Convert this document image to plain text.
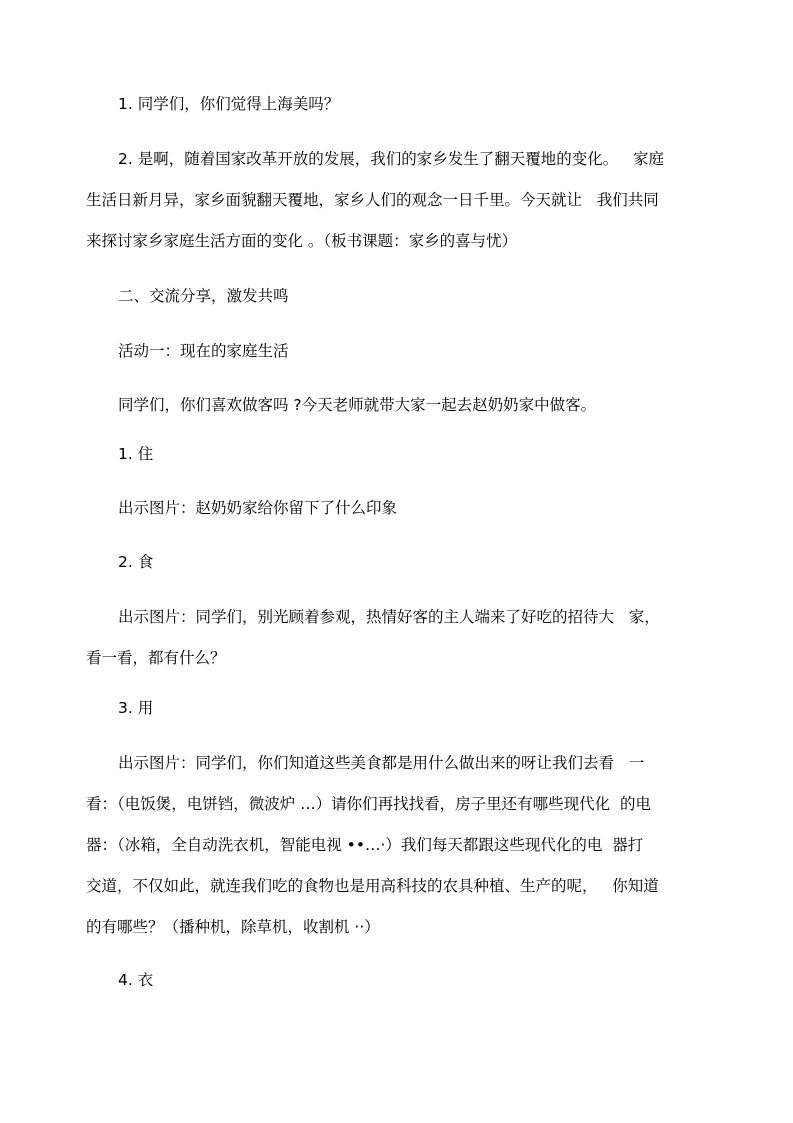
1. 同学们，你们觉得上海美吗？
2. 是啊，随着国家改革开放的发展，我们的家乡发生了翻天覆地的变化。   家庭
生活日新月异，家乡面貌翻天覆地，家乡人们的观念一日千里。今天就让   我们共同
来探讨家乡家庭生活方面的变化 。（板书课题：家乡的喜与忧）
二、交流分享，激发共鸣
活动一：现在的家庭生活
同学们，你们喜欢做客吗 ?今天老师就带大家一起去赵奶奶家中做客。
1. 住
出示图片：赵奶奶家给你留下了什么印象
2. 食
出示图片：同学们，别光顾着参观，热情好客的主人端来了好吃的招待大   家，
看一看，都有什么？
3. 用
出示图片：同学们，你们知道这些美食都是用什么做出来的呀让我们去看   一
看：（电饭煲，电饼铛，微波炉 …）请你们再找找看，房子里还有哪些现代化  的电
器：（冰箱，全自动洗衣机，智能电视 ••…·）我们每天都跟这些现代化的电  器打
交道，不仅如此，就连我们吃的食物也是用高科技的农具种植、生产的呢，   你知道
的有哪些？（播种机，除草机，收割机 ··）
4. 衣
